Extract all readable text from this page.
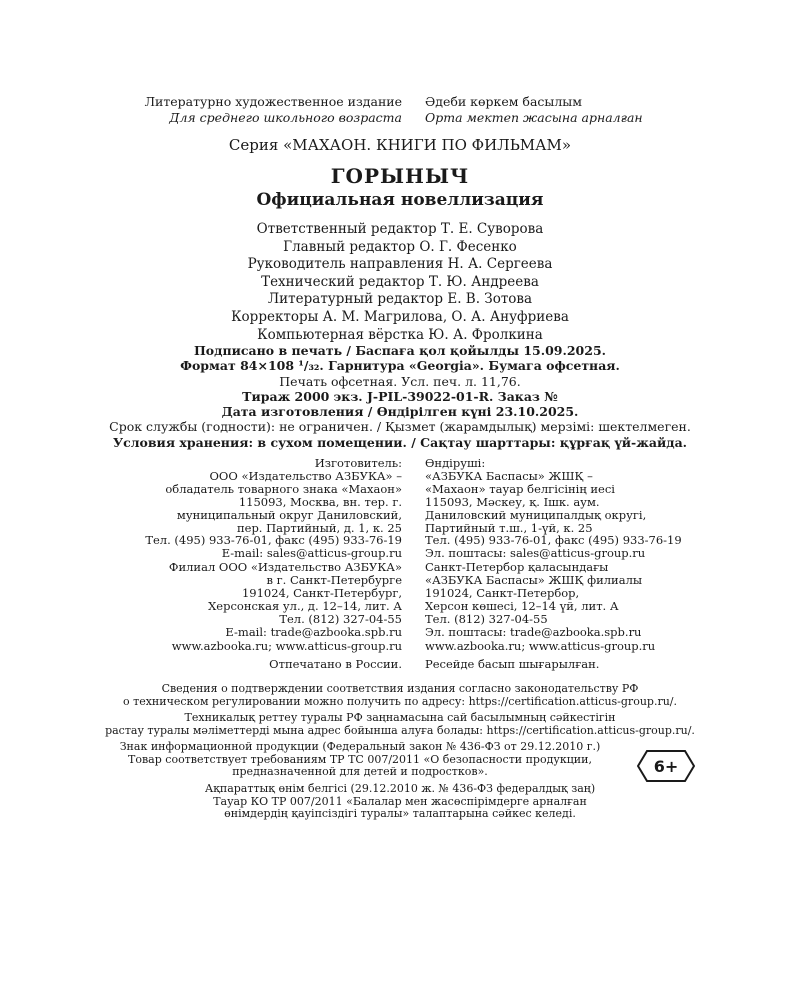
Литературно художественное издание
Для среднего школьного возраста
Әдеби көркем басылым
Орта мектеп жасына арналған
Серия «МАХАОН. КНИГИ ПО ФИЛЬМАМ»
ГОРЫНЫЧ
Официальная новеллизация
Ответственный редактор Т. Е. Суворова
Главный редактор О. Г. Фесенко
Руководитель направления Н. А. Сергеева
Технический редактор Т. Ю. Андреева
Литературный редактор Е. В. Зотова
Корректоры А. М. Магрилова, О. А. Ануфриева
Компьютерная вёрстка Ю. А. Фролкина
Подписано в печать / Баспаға қол қойылды 15.09.2025.
Формат 84×108 ¹/₃₂. Гарнитура «Georgia». Бумага офсетная.
Печать офсетная. Усл. печ. л. 11,76.
Тираж 2000 экз. J-PIL-39022-01-R. Заказ №
Дата изготовления / Өндірілген күні 23.10.2025.
Срок службы (годности): не ограничен. / Қызмет (жарамдылық) мерзімі: шектелмеген.
Условия хранения: в сухом помещении. / Сақтау шарттары: құрғақ үй-жайда.
Изготовитель:
ООО «Издательство АЗБУКА» –
обладатель товарного знака «Махаон»
115093, Москва, вн. тер. г.
муниципальный округ Даниловский,
пер. Партийный, д. 1, к. 25
Тел. (495) 933-76-01, факс (495) 933-76-19
E-mail: sales@atticus-group.ru
Өндіруші:
«АЗБУКА Баспасы» ЖШҚ –
«Махаон» тауар белгісінің иесі
115093, Мәскеу, қ. Ішк. аум.
Даниловский муниципалдық округі,
Партийный т.ш., 1-үй, к. 25
Тел. (495) 933-76-01, факс (495) 933-76-19
Эл. поштасы: sales@atticus-group.ru
Филиал ООО «Издательство АЗБУКА»
в г. Санкт-Петербурге
191024, Санкт-Петербург,
Херсонская ул., д. 12–14, лит. А
Тел. (812) 327-04-55
E-mail: trade@azbooka.spb.ru
Санкт-Петербор қаласындағы
«АЗБУКА Баспасы» ЖШҚ филиалы
191024, Санкт-Петербор,
Херсон көшесі, 12–14 үй, лит. А
Тел. (812) 327-04-55
Эл. поштасы: trade@azbooka.spb.ru
www.azbooka.ru; www.atticus-group.ru www.azbooka.ru; www.atticus-group.ru
Отпечатано в России. Ресейде басып шығарылған.
Сведения о подтверждении соответствия издания согласно законодательству РФ
о техническом регулировании можно получить по адресу: https://certification.atticus-group.ru/.
Техникалық реттеу туралы РФ заңнамасына сай басылымның сәйкестігін
растау туралы мәліметтерді мына адрес бойынша алуға болады: https://certification.atticus-group.ru/.
Знак информационной продукции (Федеральный закон № 436-ФЗ от 29.12.2010 г.)
Товар соответствует требованиям ТР ТС 007/2011 «О безопасности продукции,
предназначенной для детей и подростков».	6+
Ақпараттық өнім белгісі (29.12.2010 ж. № 436-ФЗ федералдық заң)
Тауар КО ТР 007/2011 «Балалар мен жасөспірімдерге арналған
өнімдердің қауіпсіздігі туралы» талаптарына сәйкес келеді.
